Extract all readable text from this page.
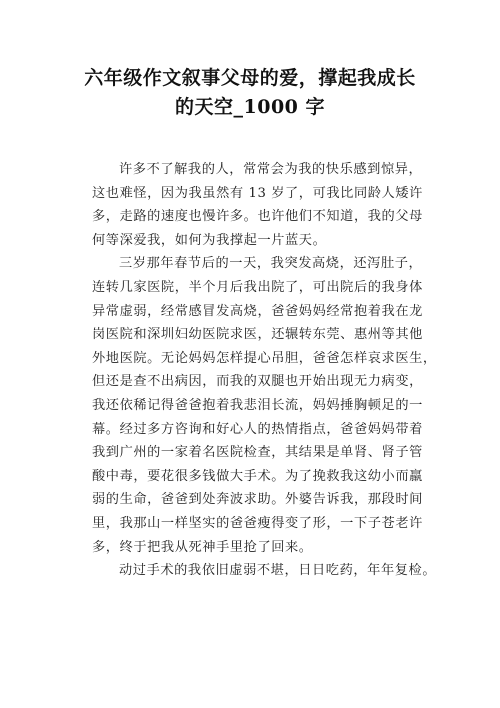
六年级作文叙事父母的爱，撑起我成长
的天空_1000 字
许多不了解我的人，常常会为我的快乐感到惊异，
这也难怪，因为我虽然有 13 岁了，可我比同龄人矮许
多，走路的速度也慢许多。也许他们不知道，我的父母
何等深爱我，如何为我撑起一片蓝天。
三岁那年春节后的一天，我突发高烧，还泻肚子，
连转几家医院，半个月后我出院了，可出院后的我身体
异常虚弱，经常感冒发高烧，爸爸妈妈经常抱着我在龙
岗医院和深圳妇幼医院求医，还辗转东莞、惠州等其他
外地医院。无论妈妈怎样提心吊胆，爸爸怎样哀求医生，
但还是查不出病因，而我的双腿也开始出现无力病变，
我还依稀记得爸爸抱着我悲泪长流，妈妈捶胸顿足的一
幕。经过多方咨询和好心人的热情指点，爸爸妈妈带着
我到广州的一家着名医院检查，其结果是单肾、肾子管
酸中毒，要花很多钱做大手术。为了挽救我这幼小而羸
弱的生命，爸爸到处奔波求助。外婆告诉我，那段时间
里，我那山一样坚实的爸爸瘦得变了形，一下子苍老许
多，终于把我从死神手里抢了回来。
动过手术的我依旧虚弱不堪，日日吃药，年年复检。
